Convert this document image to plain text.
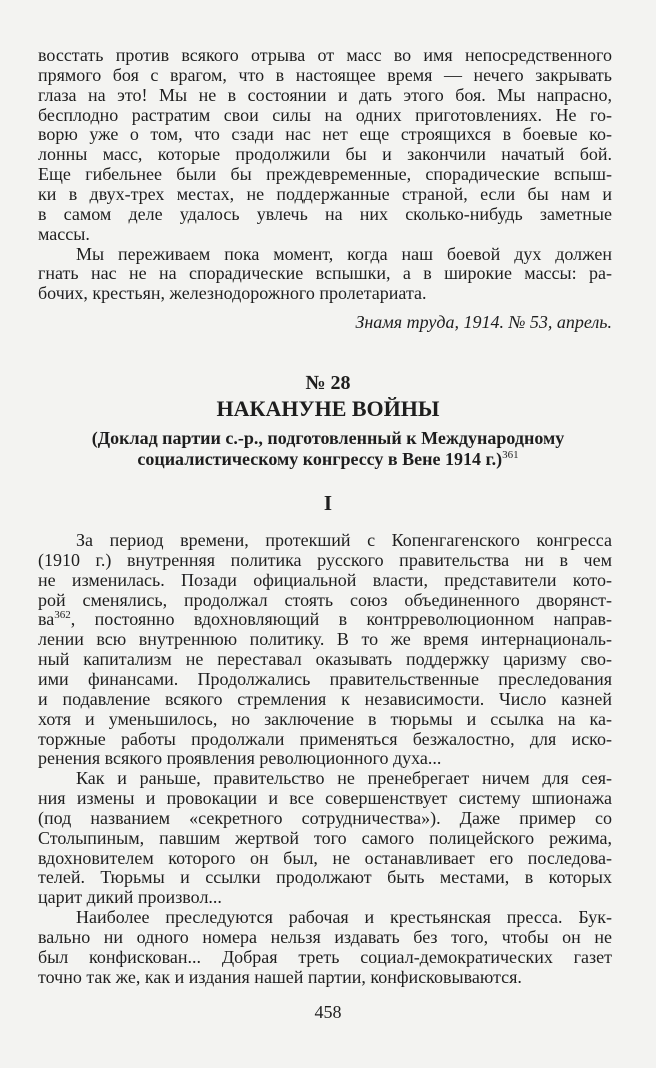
восстать против всякого отрыва от масс во имя непосредственного
прямого боя с врагом, что в настоящее время — нечего закрывать
глаза на это! Мы не в состоянии и дать этого боя. Мы напрасно,
бесплодно растратим свои силы на одних приготовлениях. Не го-
ворю уже о том, что сзади нас нет еще строящихся в боевые ко-
лонны масс, которые продолжили бы и закончили начатый бой.
Еще гибельнее были бы преждевременные, спорадические вспыш-
ки в двух-трех местах, не поддержанные страной, если бы нам и
в самом деле удалось увлечь на них сколько-нибудь заметные
массы.
Мы переживаем пока момент, когда наш боевой дух должен
гнать нас не на спорадические вспышки, а в широкие массы: ра-
бочих, крестьян, железнодорожного пролетариата.
Знамя труда, 1914. № 53, апрель.
№ 28
НАКАНУНЕ ВОЙНЫ
(Доклад партии с.-р., подготовленный к Международному
социалистическому конгрессу в Вене 1914 г.)$^{361}$
I
За период времени, протекший с Копенгагенского конгресса
(1910 г.) внутренняя политика русского правительства ни в чем
не изменилась. Позади официальной власти, представители кото-
рой сменялись, продолжал стоять союз объединенного дворянст-
$ва^{362}$, постоянно вдохновляющий в контрреволюционном направ-
лении всю внутреннюю политику. В то же время интернациональ-
ный капитализм не переставал оказывать поддержку царизму сво-
ими финансами. Продолжались правительственные преследования
и подавление всякого стремления к независимости. Число казней
хотя и уменьшилось, но заключение в тюрьмы и ссылка на ка-
торжные работы продолжали применяться безжалостно, для иско-
ренения всякого проявления революционного духа...
Как и раньше, правительство не пренебрегает ничем для сея-
ния измены и провокации и все совершенствует систему шпионажа
(под названием «секретного сотрудничества»). Даже пример со
Столыпиным, павшим жертвой того самого полицейского режима,
вдохновителем которого он был, не останавливает его последова-
телей. Тюрьмы и ссылки продолжают быть местами, в которых
царит дикий произвол...
Наиболее преследуются рабочая и крестьянская пресса. Бук-
вально ни одного номера нельзя издавать без того, чтобы он не
был конфискован... Добрая треть социал-демократических газет
точно так же, как и издания нашей партии, конфисковываются.
458
